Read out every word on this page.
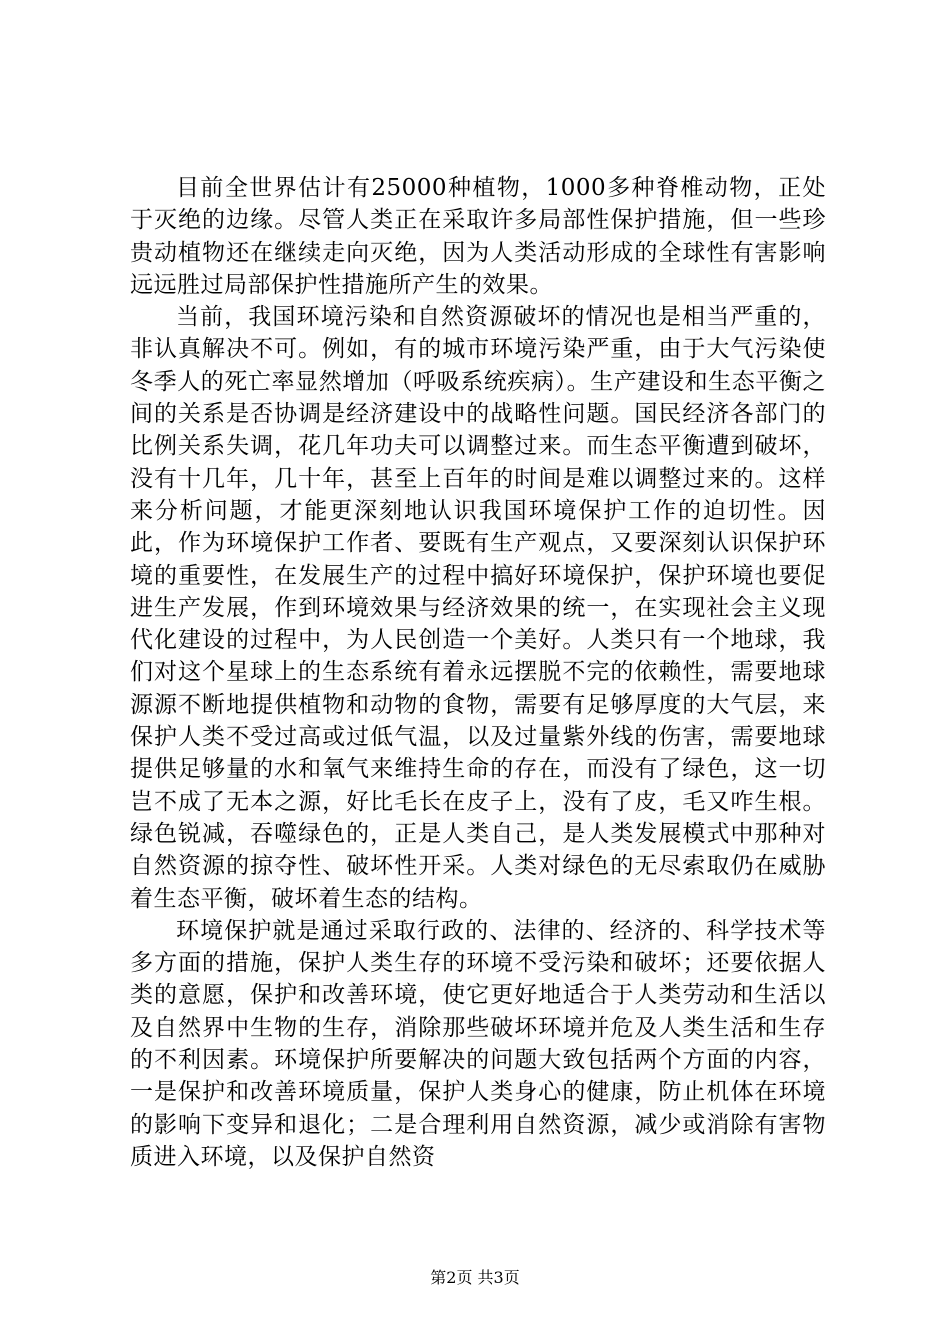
目前全世界估计有25000种植物，1000多种脊椎动物，正处于灭绝的边缘。尽管人类正在采取许多局部性保护措施，但一些珍贵动植物还在继续走向灭绝，因为人类活动形成的全球性有害影响远远胜过局部保护性措施所产生的效果。

当前，我国环境污染和自然资源破坏的情况也是相当严重的，非认真解决不可。例如，有的城市环境污染严重，由于大气污染使冬季人的死亡率显然增加（呼吸系统疾病）。生产建设和生态平衡之间的关系是否协调是经济建设中的战略性问题。国民经济各部门的比例关系失调，花几年功夫可以调整过来。而生态平衡遭到破坏，没有十几年，几十年，甚至上百年的时间是难以调整过来的。这样来分析问题，才能更深刻地认识我国环境保护工作的迫切性。因此，作为环境保护工作者、要既有生产观点，又要深刻认识保护环境的重要性，在发展生产的过程中搞好环境保护，保护环境也要促进生产发展，作到环境效果与经济效果的统一，在实现社会主义现代化建设的过程中，为人民创造一个美好。人类只有一个地球，我们对这个星球上的生态系统有着永远摆脱不完的依赖性，需要地球源源不断地提供植物和动物的食物，需要有足够厚度的大气层，来保护人类不受过高或过低气温，以及过量紫外线的伤害，需要地球提供足够量的水和氧气来维持生命的存在，而没有了绿色，这一切岂不成了无本之源，好比毛长在皮子上，没有了皮，毛又咋生根。绿色锐减，吞噬绿色的，正是人类自己，是人类发展模式中那种对自然资源的掠夺性、破坏性开采。人类对绿色的无尽索取仍在威胁着生态平衡，破坏着生态的结构。

环境保护就是通过采取行政的、法律的、经济的、科学技术等多方面的措施，保护人类生存的环境不受污染和破坏；还要依据人类的意愿，保护和改善环境，使它更好地适合于人类劳动和生活以及自然界中生物的生存，消除那些破坏环境并危及人类生活和生存的不利因素。环境保护所要解决的问题大致包括两个方面的内容，一是保护和改善环境质量，保护人类身心的健康，防止机体在环境的影响下变异和退化；二是合理利用自然资源，减少或消除有害物质进入环境，以及保护自然资

第2页 共3页
